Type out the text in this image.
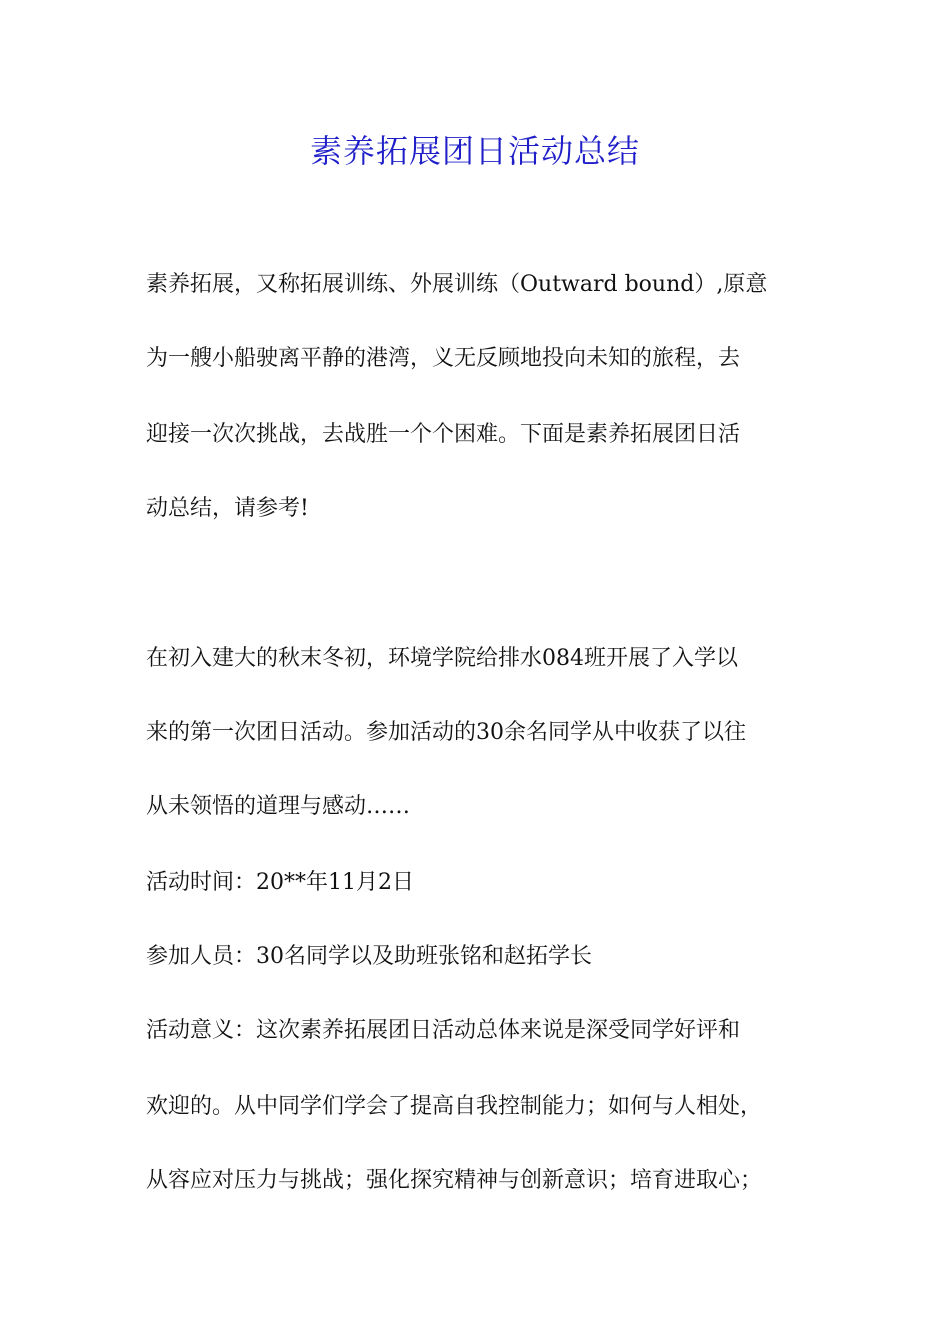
素养拓展团日活动总结
素养拓展，又称拓展训练、外展训练（Outward bound）,原意
为一艘小船驶离平静的港湾，义无反顾地投向未知的旅程，去
迎接一次次挑战，去战胜一个个困难。下面是素养拓展团日活
动总结，请参考!
在初入建大的秋末冬初，环境学院给排水084班开展了入学以
来的第一次团日活动。参加活动的30余名同学从中收获了以往
从未领悟的道理与感动……
活动时间：20**年11月2日
参加人员：30名同学以及助班张铭和赵拓学长
活动意义：这次素养拓展团日活动总体来说是深受同学好评和
欢迎的。从中同学们学会了提高自我控制能力；如何与人相处，
从容应对压力与挑战；强化探究精神与创新意识；培育进取心；
